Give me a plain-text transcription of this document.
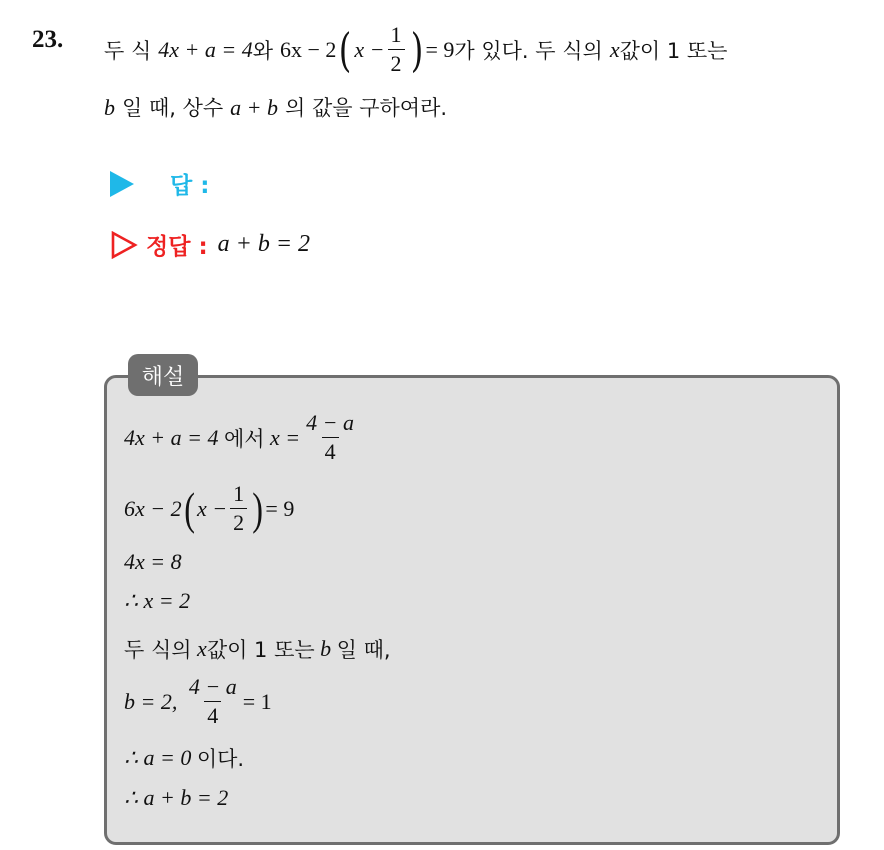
23. 두 식
4x + a = 4 와
6x − 2 ( $x - \frac{1}{2}$ ) = 9 가 있다. 두 식의
x 값이 1 또는
b 일 때, 상수 a + b 의 값을 구하여라.
답 :
정답 : a + b = 2
해설
4x + a = 4
에서
$x = \frac{4 - a}{4}$
6x − 2 ( $x - \frac{1}{2}$ ) = 9
4x = 8
∴ x = 2
두 식의
x 값이 1 또는
b
일 때,
b = 2,
$\frac{4 - a}{4} = 1$
∴ a = 0
이다.
∴ a + b = 2
